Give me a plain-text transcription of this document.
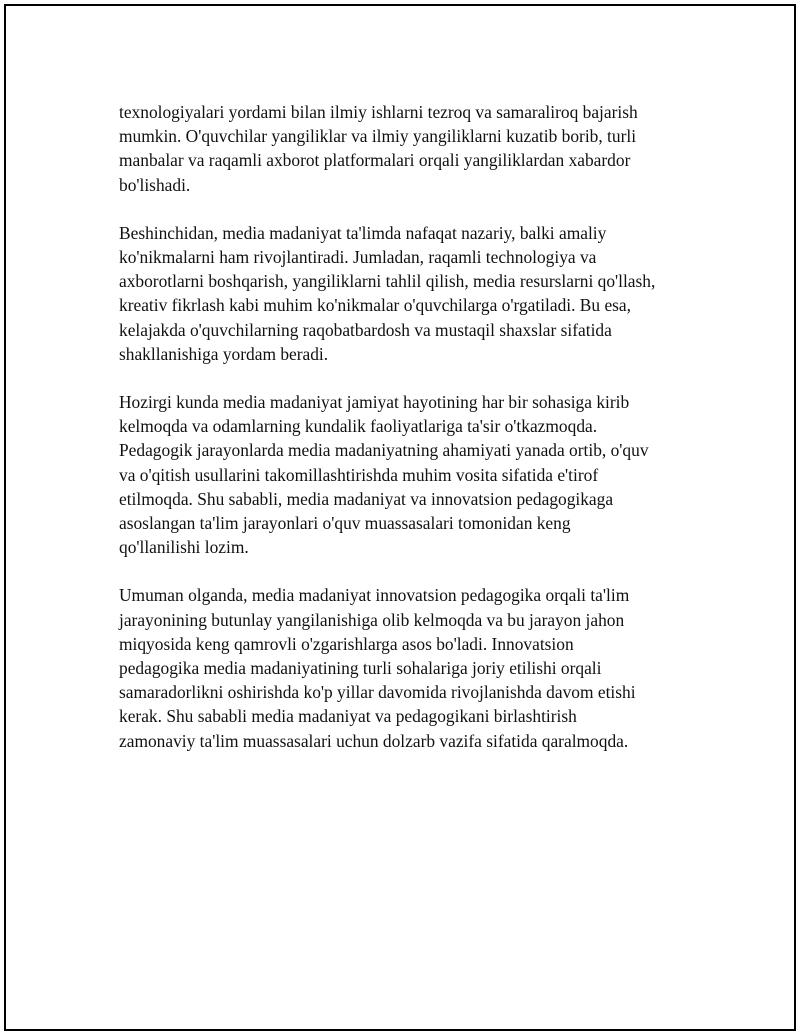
texnologiyalari yordami bilan ilmiy ishlarni tezroq va samaraliroq bajarish
mumkin. O'quvchilar yangiliklar va ilmiy yangiliklarni kuzatib borib, turli
manbalar va raqamli axborot platformalari orqali yangiliklardan xabardor
bo'lishadi.

Beshinchidan, media madaniyat ta'limda nafaqat nazariy, balki amaliy
ko'nikmalarni ham rivojlantiradi. Jumladan, raqamli technologiya va
axborotlarni boshqarish, yangiliklarni tahlil qilish, media resurslarni qo'llash,
kreativ fikrlash kabi muhim ko'nikmalar o'quvchilarga o'rgatiladi. Bu esa,
kelajakda o'quvchilarning raqobatbardosh va mustaqil shaxslar sifatida
shakllanishiga yordam beradi.

Hozirgi kunda media madaniyat jamiyat hayotining har bir sohasiga kirib
kelmoqda va odamlarning kundalik faoliyatlariga ta'sir o'tkazmoqda.
Pedagogik jarayonlarda media madaniyatning ahamiyati yanada ortib, o'quv
va o'qitish usullarini takomillashtirishda muhim vosita sifatida e'tirof
etilmoqda. Shu sababli, media madaniyat va innovatsion pedagogikaga
asoslangan ta'lim jarayonlari o'quv muassasalari tomonidan keng
qo'llanilishi lozim.

Umuman olganda, media madaniyat innovatsion pedagogika orqali ta'lim
jarayonining butunlay yangilanishiga olib kelmoqda va bu jarayon jahon
miqyosida keng qamrovli o'zgarishlarga asos bo'ladi. Innovatsion
pedagogika media madaniyatining turli sohalariga joriy etilishi orqali
samaradorlikni oshirishda ko'p yillar davomida rivojlanishda davom etishi
kerak. Shu sababli media madaniyat va pedagogikani birlashtirish
zamonaviy ta'lim muassasalari uchun dolzarb vazifa sifatida qaralmoqda.
